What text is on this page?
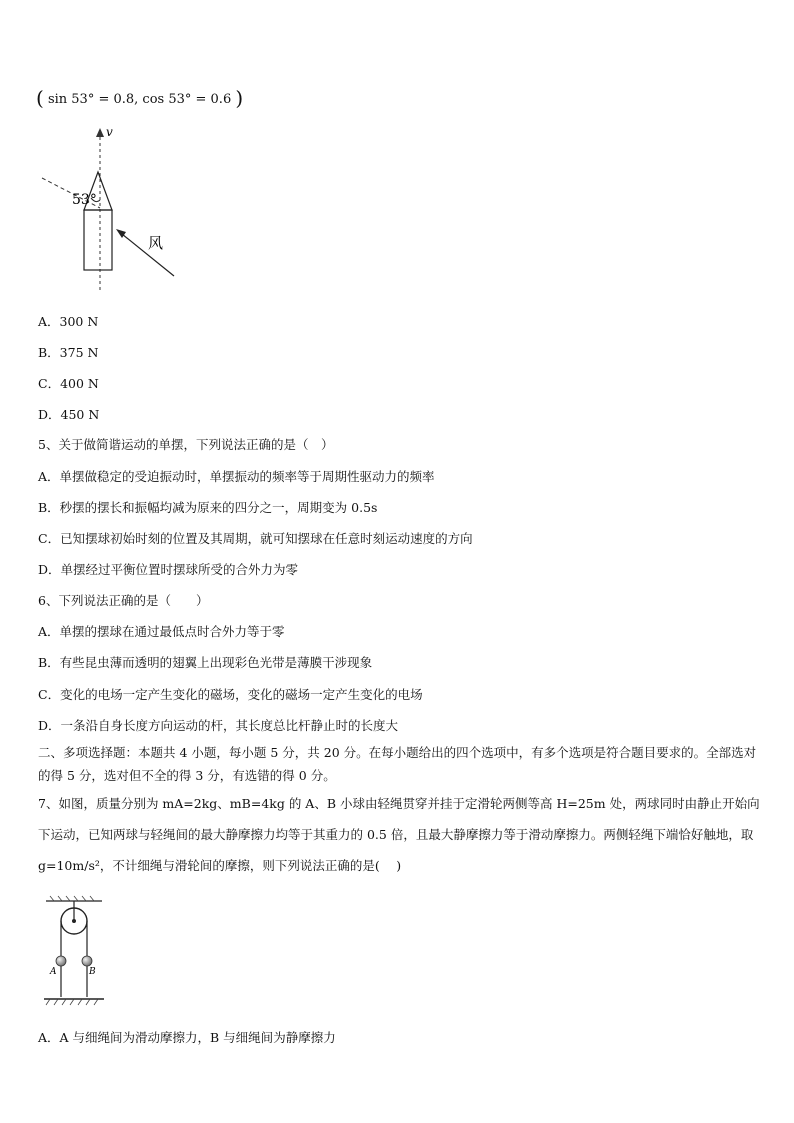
( sin 53° = 0.8, cos 53° = 0.6 )
v
53°
风
A．300 N
B．375 N
C．400 N
D．450 N
5、关于做简谐运动的单摆，下列说法正确的是（　）
A．单摆做稳定的受迫振动时，单摆振动的频率等于周期性驱动力的频率
B．秒摆的摆长和振幅均减为原来的四分之一，周期变为 0.5s
C．已知摆球初始时刻的位置及其周期，就可知摆球在任意时刻运动速度的方向
D．单摆经过平衡位置时摆球所受的合外力为零
6、下列说法正确的是（　　）
A．单摆的摆球在通过最低点时合外力等于零
B．有些昆虫薄而透明的翅翼上出现彩色光带是薄膜干涉现象
C．变化的电场一定产生变化的磁场，变化的磁场一定产生变化的电场
D．一条沿自身长度方向运动的杆，其长度总比杆静止时的长度大
二、多项选择题：本题共 4 小题，每小题 5 分，共 20 分。在每小题给出的四个选项中，有多个选项是符合题目要求的。全部选对的得 5 分，选对但不全的得 3 分，有选错的得 0 分。
7、如图，质量分别为 mA=2kg、mB=4kg 的 A、B 小球由轻绳贯穿并挂于定滑轮两侧等高 H=25m 处，两球同时由静止开始向下运动，已知两球与轻绳间的最大静摩擦力均等于其重力的 0.5 倍，且最大静摩擦力等于滑动摩擦力。两侧轻绳下端恰好触地，取 g=10m/s²，不计细绳与滑轮间的摩擦，则下列说法正确的是(　 )
A	B
A．A 与细绳间为滑动摩擦力，B 与细绳间为静摩擦力
